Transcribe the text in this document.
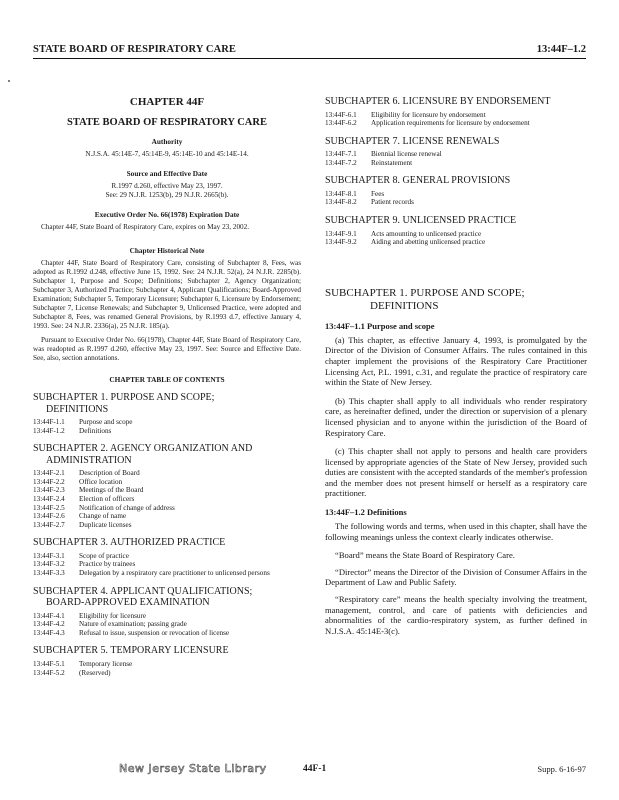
STATE BOARD OF RESPIRATORY CARE	13:44F–1.2
CHAPTER 44F
STATE BOARD OF RESPIRATORY CARE
Authority
N.J.S.A. 45:14E-7, 45:14E-9, 45:14E-10 and 45:14E-14.
Source and Effective Date
R.1997 d.260, effective May 23, 1997.
See: 29 N.J.R. 1253(b), 29 N.J.R. 2665(b).
Executive Order No. 66(1978) Expiration Date
Chapter 44F, State Board of Respiratory Care, expires on May 23, 2002.
Chapter Historical Note
Chapter 44F, State Board of Respiratory Care, consisting of Subchapter 8, Fees, was adopted as R.1992 d.248, effective June 15, 1992. See: 24 N.J.R. 52(a), 24 N.J.R. 2285(b). Subchapter 1, Purpose and Scope; Definitions; Subchapter 2, Agency Organization; Subchapter 3, Authorized Practice; Subchapter 4, Applicant Qualifications; Board-Approved Examination; Subchapter 5, Temporary Licensure; Subchapter 6, Licensure by Endorsement; Subchapter 7, License Renewals; and Subchapter 9, Unlicensed Practice, were adopted and Subchapter 8, Fees, was renamed General Provisions, by R.1993 d.7, effective January 4, 1993. See: 24 N.J.R. 2336(a), 25 N.J.R. 185(a).
Pursuant to Executive Order No. 66(1978), Chapter 44F, State Board of Respiratory Care, was readopted as R.1997 d.260, effective May 23, 1997. See: Source and Effective Date. See, also, section annotations.
CHAPTER TABLE OF CONTENTS
SUBCHAPTER 1. PURPOSE AND SCOPE;
DEFINITIONS
13:44F-1.1	Purpose and scope
13:44F-1.2	Definitions
SUBCHAPTER 2. AGENCY ORGANIZATION AND
ADMINISTRATION
13:44F-2.1	Description of Board
13:44F-2.2	Office location
13:44F-2.3	Meetings of the Board
13:44F-2.4	Election of officers
13:44F-2.5	Notification of change of address
13:44F-2.6	Change of name
13:44F-2.7	Duplicate licenses
SUBCHAPTER 3. AUTHORIZED PRACTICE
13:44F-3.1	Scope of practice
13:44F-3.2	Practice by trainees
13:44F-3.3	Delegation by a respiratory care practitioner to unlicensed persons
SUBCHAPTER 4. APPLICANT QUALIFICATIONS;
BOARD-APPROVED EXAMINATION
13:44F-4.1	Eligibility for licensure
13:44F-4.2	Nature of examination; passing grade
13:44F-4.3	Refusal to issue, suspension or revocation of license
SUBCHAPTER 5. TEMPORARY LICENSURE
13:44F-5.1	Temporary license
13:44F-5.2	(Reserved)
SUBCHAPTER 6. LICENSURE BY ENDORSEMENT
13:44F-6.1	Eligibility for licensure by endorsement
13:44F-6.2	Application requirements for licensure by endorsement
SUBCHAPTER 7. LICENSE RENEWALS
13:44F-7.1	Biennial license renewal
13:44F-7.2	Reinstatement
SUBCHAPTER 8. GENERAL PROVISIONS
13:44F-8.1	Fees
13:44F-8.2	Patient records
SUBCHAPTER 9. UNLICENSED PRACTICE
13:44F-9.1	Acts amounting to unlicensed practice
13:44F-9.2	Aiding and abetting unlicensed practice
SUBCHAPTER 1. PURPOSE AND SCOPE;
DEFINITIONS
13:44F–1.1 Purpose and scope

(a) This chapter, as effective January 4, 1993, is promulgated by the Director of the Division of Consumer Affairs. The rules contained in this chapter implement the provisions of the Respiratory Care Practitioner Licensing Act, P.L. 1991, c.31, and regulate the practice of respiratory care within the State of New Jersey.

(b) This chapter shall apply to all individuals who render respiratory care, as hereinafter defined, under the direction or supervision of a plenary licensed physician and to anyone within the jurisdiction of the Board of Respiratory Care.

(c) This chapter shall not apply to persons and health care providers licensed by appropriate agencies of the State of New Jersey, provided such duties are consistent with the accepted standards of the member's profession and the member does not present himself or herself as a respiratory care practitioner.

13:44F–1.2 Definitions

The following words and terms, when used in this chapter, shall have the following meanings unless the context clearly indicates otherwise.

“Board” means the State Board of Respiratory Care.

“Director” means the Director of the Division of Consumer Affairs in the Department of Law and Public Safety.

“Respiratory care” means the health specialty involving the treatment, management, control, and care of patients with deficiencies and abnormalities of the cardio-respiratory system, as further defined in N.J.S.A. 45:14E-3(c).

New Jersey State Library	44F-1	Supp. 6-16-97
